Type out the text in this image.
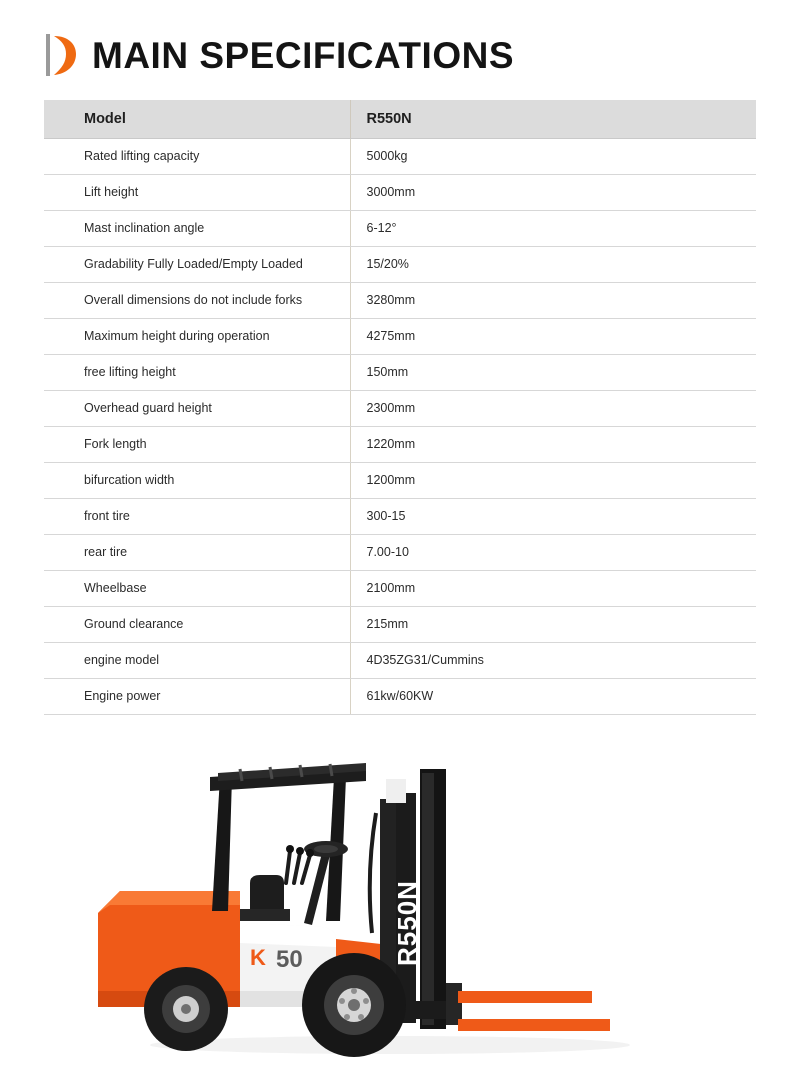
MAIN SPECIFICATIONS
Model	R550N
Rated lifting capacity	5000kg
Lift height	3000mm
Mast inclination angle	6-12°
Gradability Fully Loaded/Empty Loaded	15/20%
Overall dimensions do not include forks	3280mm
Maximum height during operation	4275mm
free lifting height	150mm
Overhead guard height	2300mm
Fork length	1220mm
bifurcation width	1200mm
front tire	300-15
rear tire	7.00-10
Wheelbase	2100mm
Ground clearance	215mm
engine model	4D35ZG31/Cummins
Engine power	61kw/60KW
K 50	R550N
